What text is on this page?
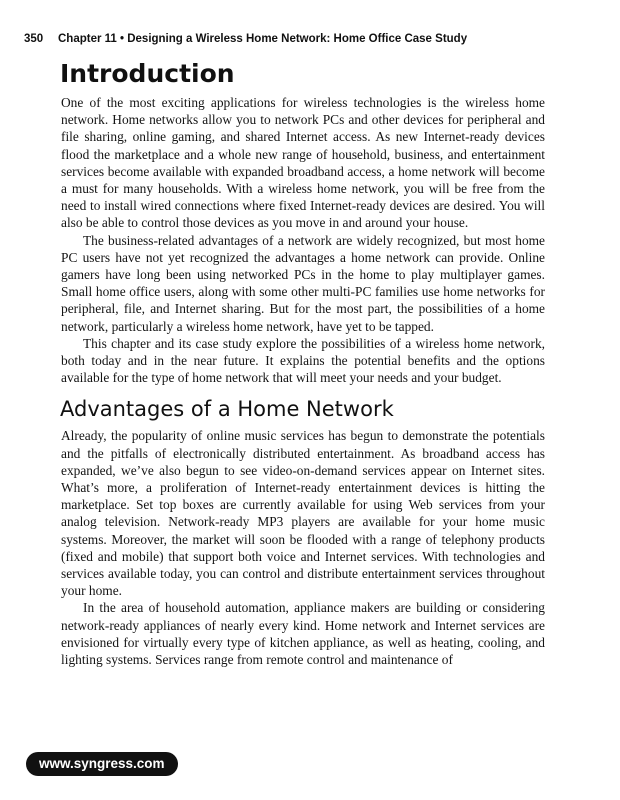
350 Chapter 11 • Designing a Wireless Home Network: Home Office Case Study
Introduction

One of the most exciting applications for wireless technologies is the wireless home network. Home networks allow you to network PCs and other devices for peripheral and file sharing, online gaming, and shared Internet access. As new Internet-ready devices flood the marketplace and a whole new range of household, business, and entertainment services become available with expanded broadband access, a home network will become a must for many households. With a wireless home network, you will be free from the need to install wired connections where fixed Internet-ready devices are desired. You will also be able to control those devices as you move in and around your house.

The business-related advantages of a network are widely recognized, but most home PC users have not yet recognized the advantages a home network can provide. Online gamers have long been using networked PCs in the home to play multiplayer games. Small home office users, along with some other multi-PC families use home networks for peripheral, file, and Internet sharing. But for the most part, the possibilities of a home network, particularly a wireless home network, have yet to be tapped.

This chapter and its case study explore the possibilities of a wireless home network, both today and in the near future. It explains the potential benefits and the options available for the type of home network that will meet your needs and your budget.

Advantages of a Home Network

Already, the popularity of online music services has begun to demonstrate the potentials and the pitfalls of electronically distributed entertainment. As broadband access has expanded, we’ve also begun to see video-on-demand services appear on Internet sites. What’s more, a proliferation of Internet-ready entertainment devices is hitting the marketplace. Set top boxes are currently available for using Web services from your analog television. Network-ready MP3 players are available for your home music systems. Moreover, the market will soon be flooded with a range of telephony products (fixed and mobile) that support both voice and Internet services. With technologies and services available today, you can control and distribute entertainment services throughout your home.

In the area of household automation, appliance makers are building or considering network-ready appliances of nearly every kind. Home network and Internet services are envisioned for virtually every type of kitchen appliance, as well as heating, cooling, and lighting systems. Services range from remote control and maintenance of

www.syngress.com
